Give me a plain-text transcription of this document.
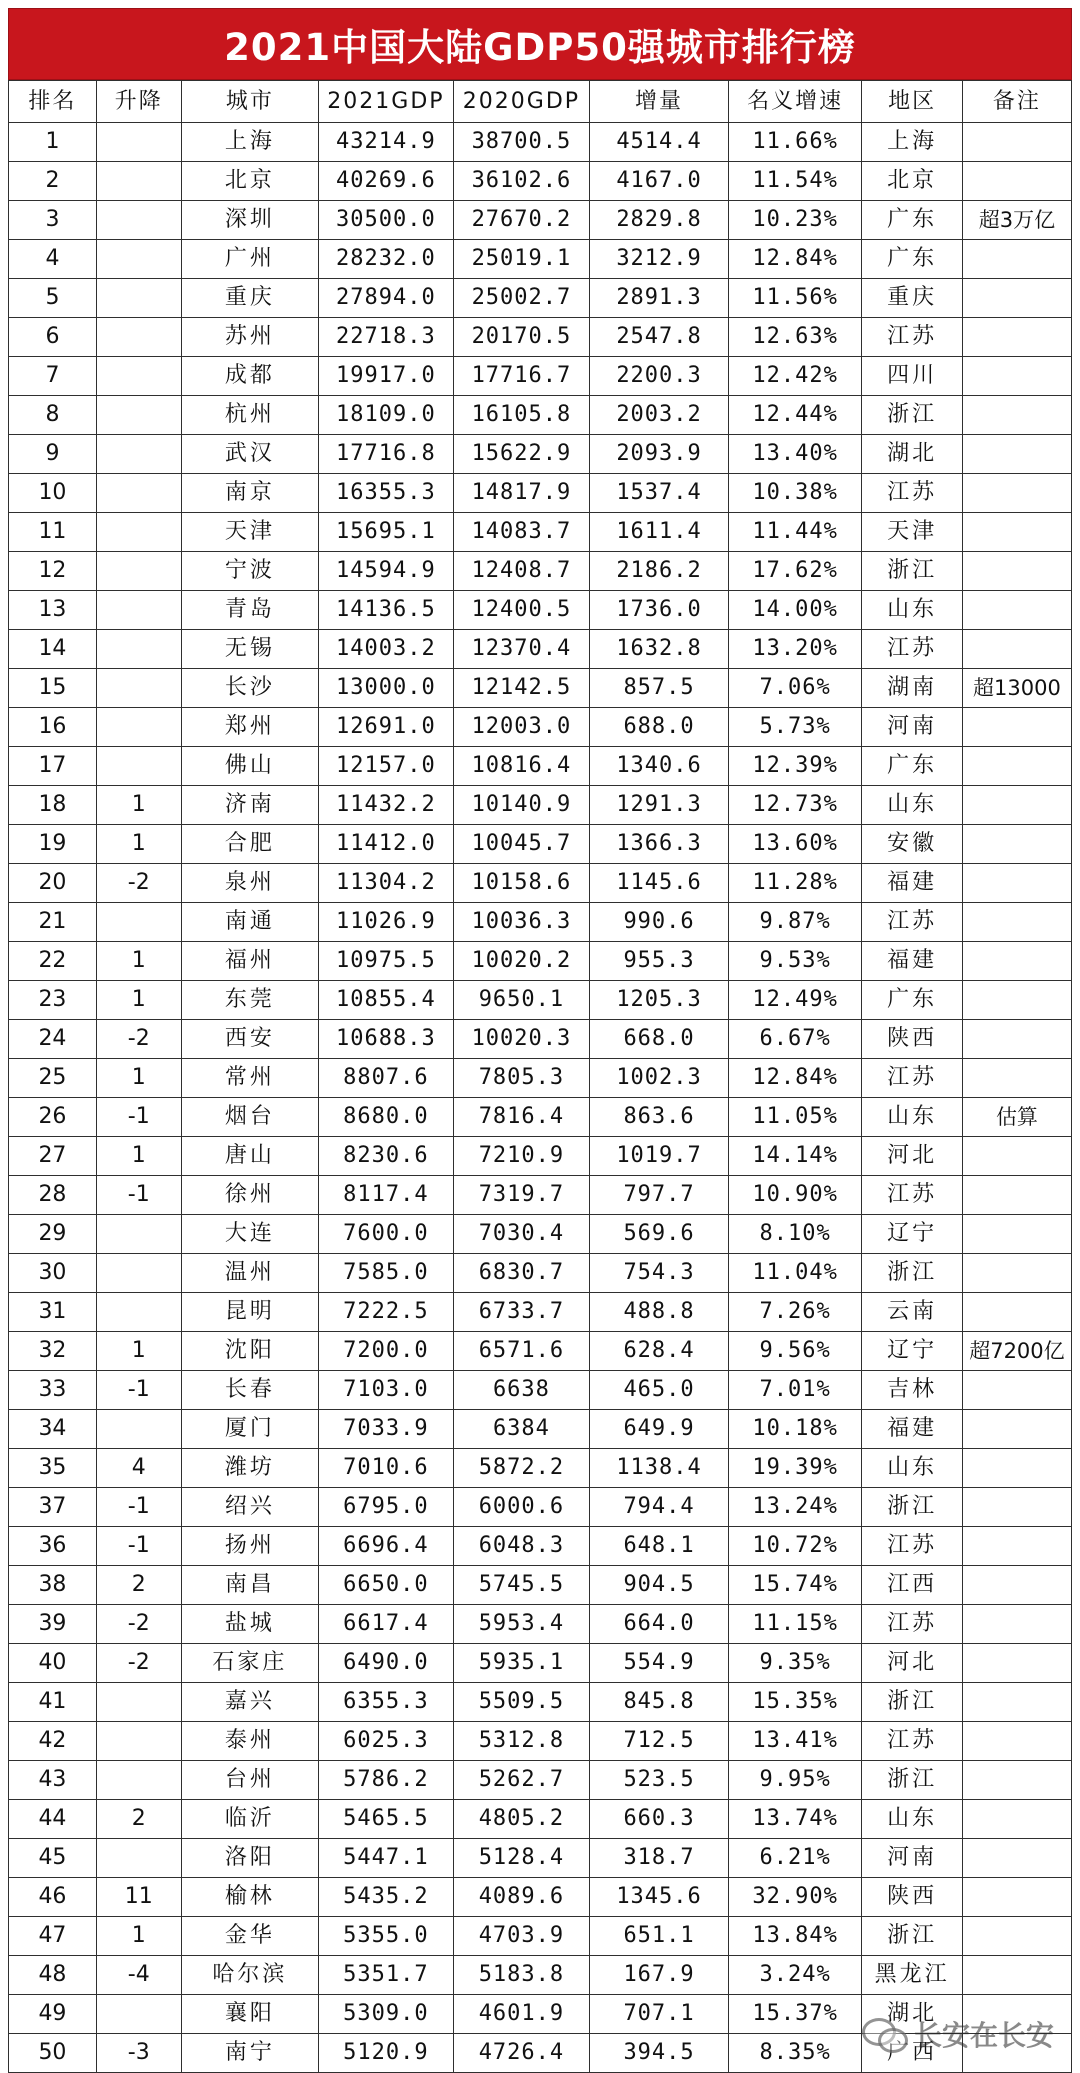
2021中国大陆GDP50强城市排行榜
排名	升降	城市	2021GDP	2020GDP	增量	名义增速	地区	备注
1		上海	43214.9	38700.5	4514.4	11.66%	上海	
2		北京	40269.6	36102.6	4167.0	11.54%	北京	
3		深圳	30500.0	27670.2	2829.8	10.23%	广东	超3万亿
4		广州	28232.0	25019.1	3212.9	12.84%	广东	
5		重庆	27894.0	25002.7	2891.3	11.56%	重庆	
6		苏州	22718.3	20170.5	2547.8	12.63%	江苏	
7		成都	19917.0	17716.7	2200.3	12.42%	四川	
8		杭州	18109.0	16105.8	2003.2	12.44%	浙江	
9		武汉	17716.8	15622.9	2093.9	13.40%	湖北	
10		南京	16355.3	14817.9	1537.4	10.38%	江苏	
11		天津	15695.1	14083.7	1611.4	11.44%	天津	
12		宁波	14594.9	12408.7	2186.2	17.62%	浙江	
13		青岛	14136.5	12400.5	1736.0	14.00%	山东	
14		无锡	14003.2	12370.4	1632.8	13.20%	江苏	
15		长沙	13000.0	12142.5	857.5	7.06%	湖南	超13000
16		郑州	12691.0	12003.0	688.0	5.73%	河南	
17		佛山	12157.0	10816.4	1340.6	12.39%	广东	
18	1	济南	11432.2	10140.9	1291.3	12.73%	山东	
19	1	合肥	11412.0	10045.7	1366.3	13.60%	安徽	
20	-2	泉州	11304.2	10158.6	1145.6	11.28%	福建	
21		南通	11026.9	10036.3	990.6	9.87%	江苏	
22	1	福州	10975.5	10020.2	955.3	9.53%	福建	
23	1	东莞	10855.4	9650.1	1205.3	12.49%	广东	
24	-2	西安	10688.3	10020.3	668.0	6.67%	陕西	
25	1	常州	8807.6	7805.3	1002.3	12.84%	江苏	
26	-1	烟台	8680.0	7816.4	863.6	11.05%	山东	估算
27	1	唐山	8230.6	7210.9	1019.7	14.14%	河北	
28	-1	徐州	8117.4	7319.7	797.7	10.90%	江苏	
29		大连	7600.0	7030.4	569.6	8.10%	辽宁	
30		温州	7585.0	6830.7	754.3	11.04%	浙江	
31		昆明	7222.5	6733.7	488.8	7.26%	云南	
32	1	沈阳	7200.0	6571.6	628.4	9.56%	辽宁	超7200亿
33	-1	长春	7103.0	6638	465.0	7.01%	吉林	
34		厦门	7033.9	6384	649.9	10.18%	福建	
35	4	潍坊	7010.6	5872.2	1138.4	19.39%	山东	
37	-1	绍兴	6795.0	6000.6	794.4	13.24%	浙江	
36	-1	扬州	6696.4	6048.3	648.1	10.72%	江苏	
38	2	南昌	6650.0	5745.5	904.5	15.74%	江西	
39	-2	盐城	6617.4	5953.4	664.0	11.15%	江苏	
40	-2	石家庄	6490.0	5935.1	554.9	9.35%	河北	
41		嘉兴	6355.3	5509.5	845.8	15.35%	浙江	
42		泰州	6025.3	5312.8	712.5	13.41%	江苏	
43		台州	5786.2	5262.7	523.5	9.95%	浙江	
44	2	临沂	5465.5	4805.2	660.3	13.74%	山东	
45		洛阳	5447.1	5128.4	318.7	6.21%	河南	
46	11	榆林	5435.2	4089.6	1345.6	32.90%	陕西	
47	1	金华	5355.0	4703.9	651.1	13.84%	浙江	
48	-4	哈尔滨	5351.7	5183.8	167.9	3.24%	黑龙江	
49		襄阳	5309.0	4601.9	707.1	15.37%	湖北	
50	-3	南宁	5120.9	4726.4	394.5	8.35%	广西	
长安在长安
